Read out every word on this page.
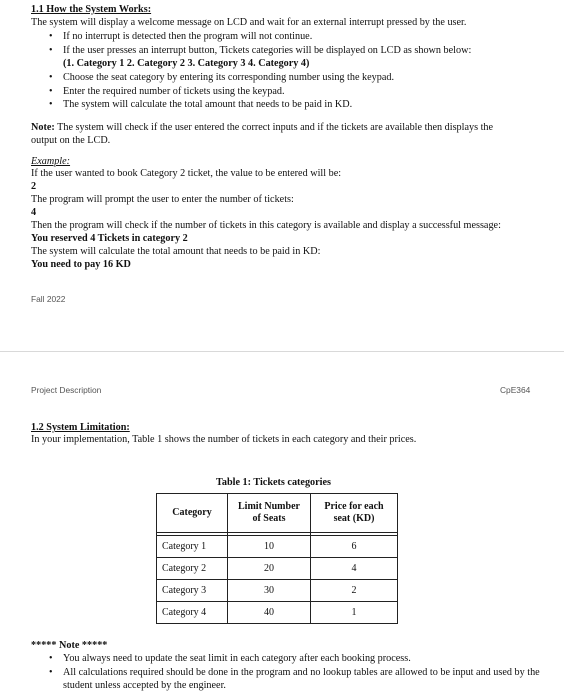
1.1 How the System Works:
The system will display a welcome message on LCD and wait for an external interrupt pressed by the user.
• If no interrupt is detected then the program will not continue.
• If the user presses an interrupt button, Tickets categories will be displayed on LCD as shown below:
(1. Category 1 2. Category 2 3. Category 3 4. Category 4)
• Choose the seat category by entering its corresponding number using the keypad.
• Enter the required number of tickets using the keypad.
• The system will calculate the total amount that needs to be paid in KD.
Note: The system will check if the user entered the correct inputs and if the tickets are available then displays the
output on the LCD.
Example:
If the user wanted to book Category 2 ticket, the value to be entered will be:
2
The program will prompt the user to enter the number of tickets:
4
Then the program will check if the number of tickets in this category is available and display a successful message:
You reserved 4 Tickets in category 2
The system will calculate the total amount that needs to be paid in KD:
You need to pay 16 KD
Fall 2022
Project Description	CpE364
1.2 System Limitation:
In your implementation, Table 1 shows the number of tickets in each category and their prices.
Table 1: Tickets categories
Category	Limit Number of Seats	Price for each seat (KD)

Category 1	10	6
Category 2	20	4
Category 3	30	2
Category 4	40	1
***** Note *****
• You always need to update the seat limit in each category after each booking process.
• All calculations required should be done in the program and no lookup tables are allowed to be input and used by the student unless accepted by the engineer.
